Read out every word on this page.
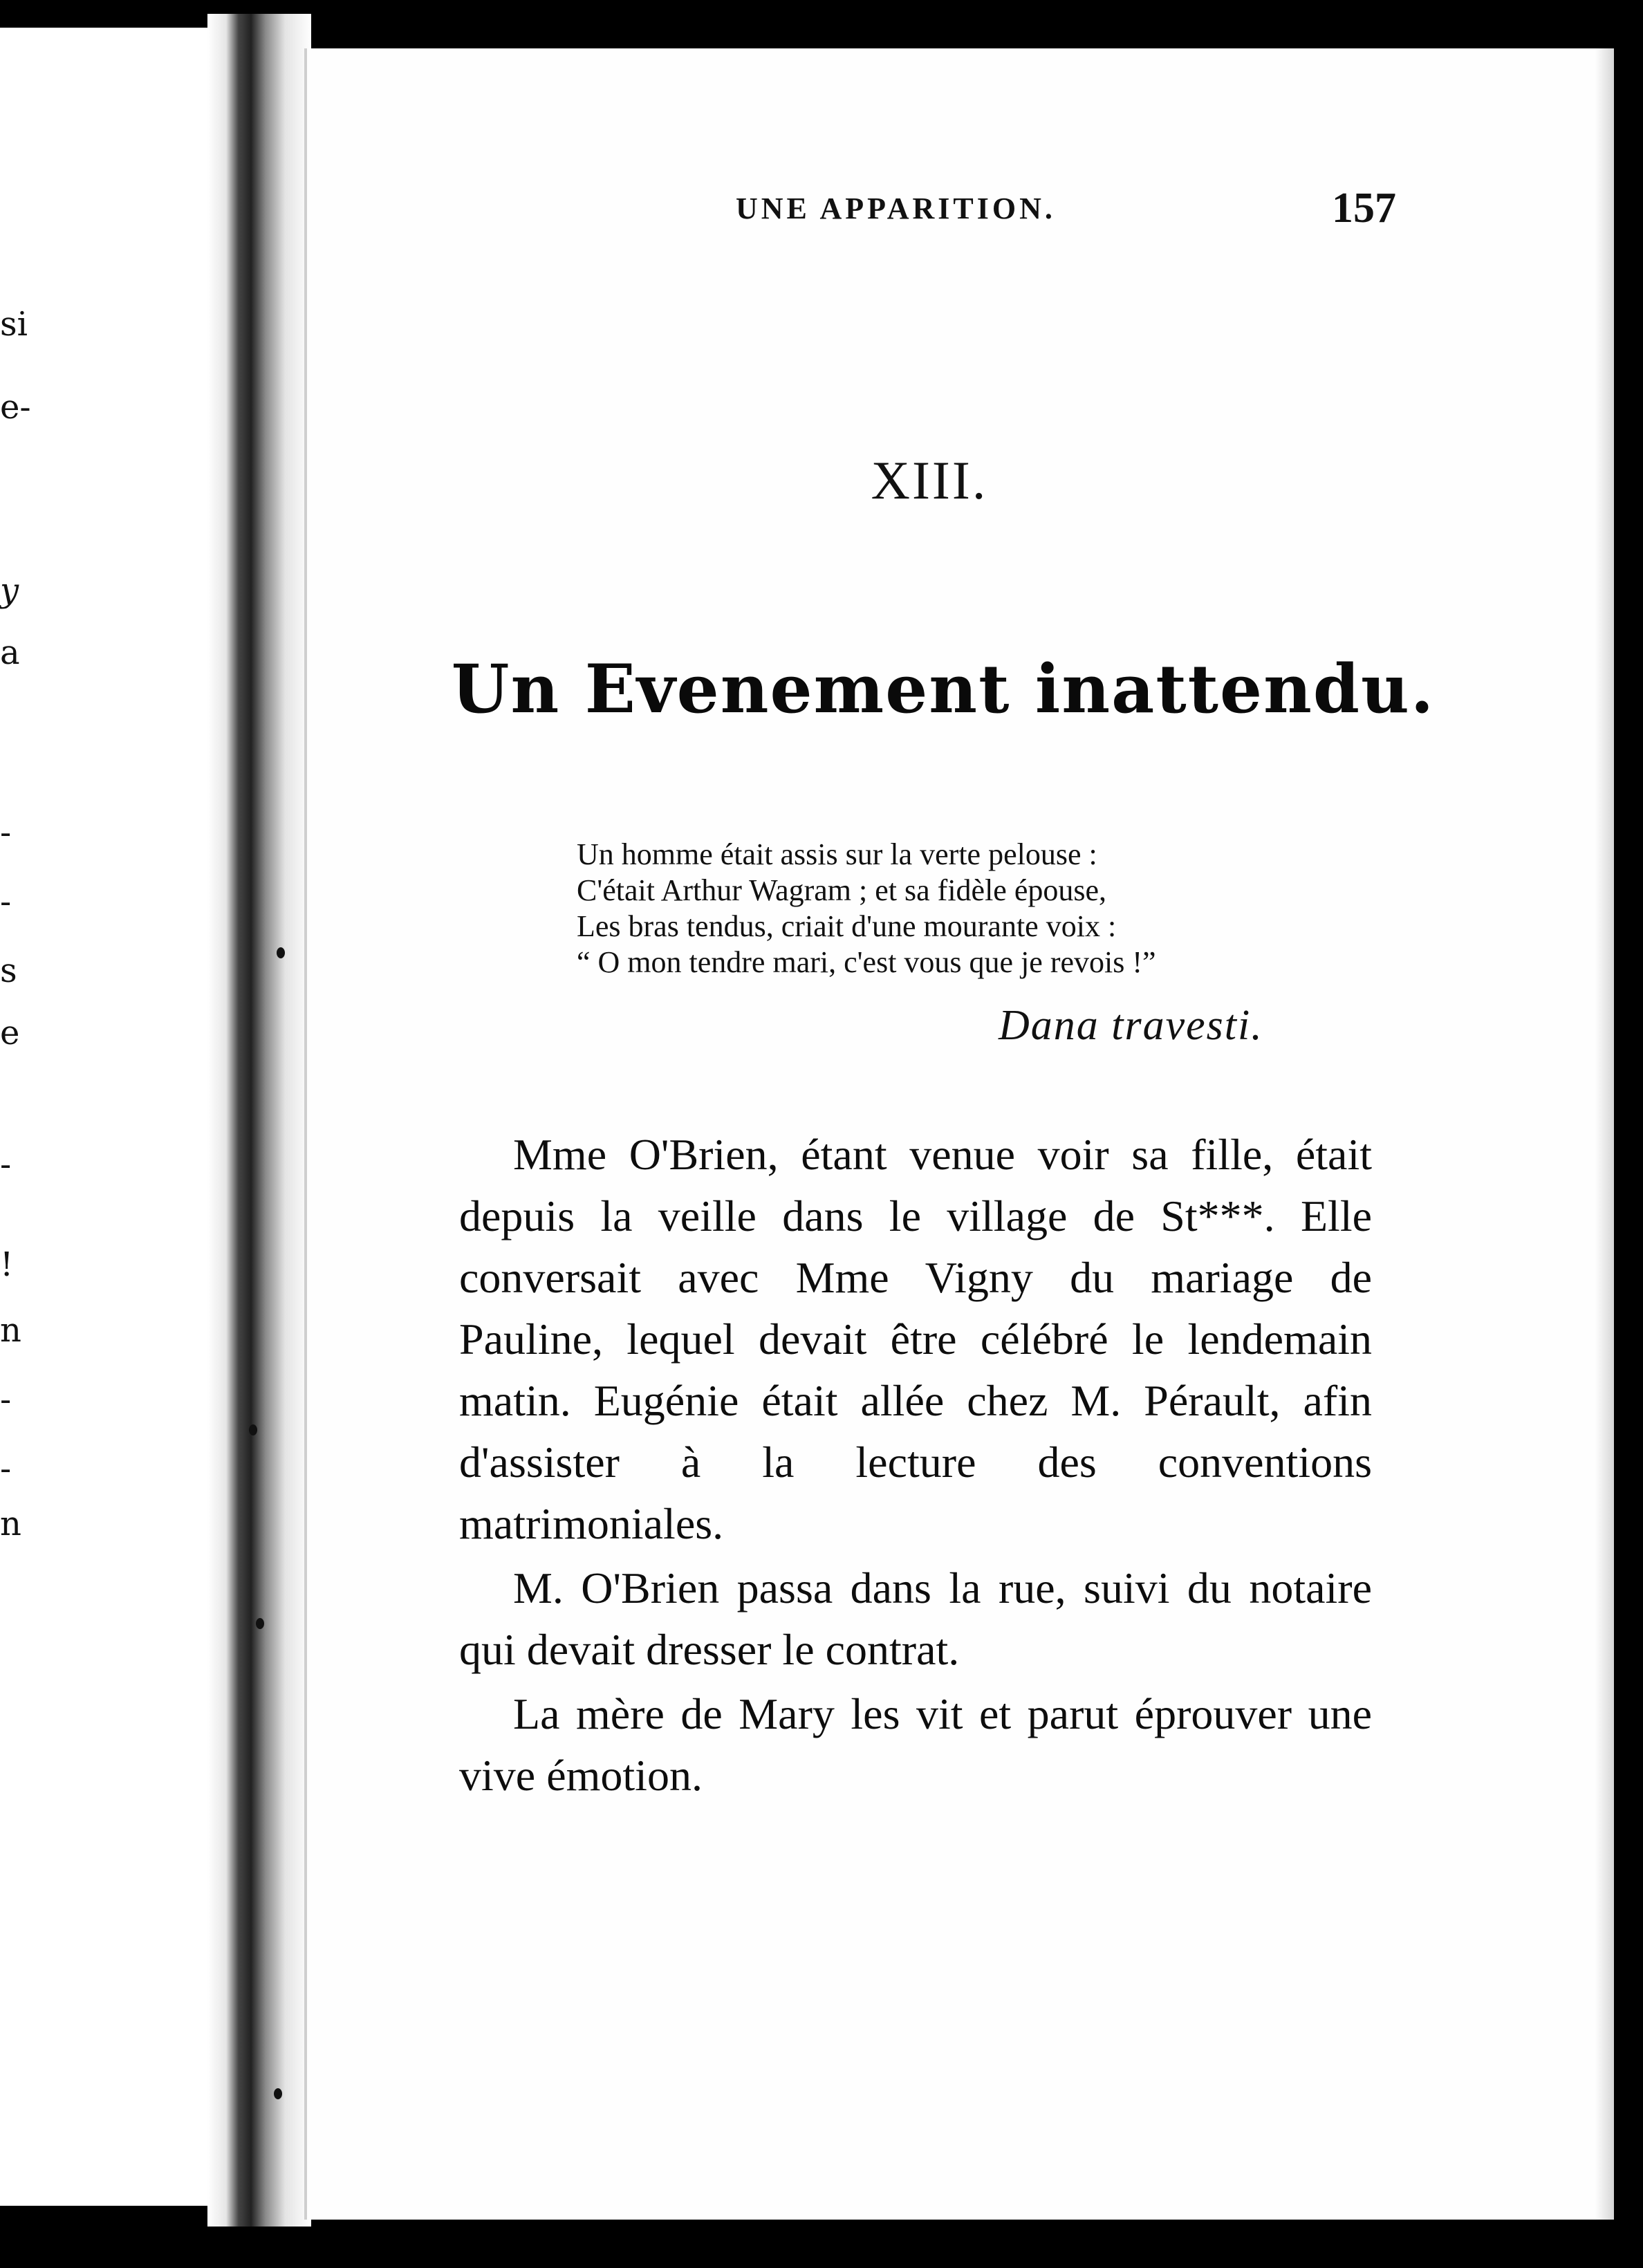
si
e-
y
a
-
-
s
e
-
!
n
-
-
n
UNE APPARITION.	157
XIII.
Un Evenement inattendu.
Un homme était assis sur la verte pelouse :
C'était Arthur Wagram ; et sa fidèle épouse,
Les bras tendus, criait d'une mourante voix :
“ O mon tendre mari, c'est vous que je revois !”
Dana travesti.

Mme O'Brien, étant venue voir sa fille, était depuis la veille dans le village de St***. Elle conversait avec Mme Vigny du mariage de Pauline, lequel devait être célébré le lendemain matin. Eugénie était allée chez M. Pérault, afin d'assister à la lecture des conventions matrimoniales.

M. O'Brien passa dans la rue, suivi du notaire qui devait dresser le contrat.

La mère de Mary les vit et parut éprouver une vive émotion.
